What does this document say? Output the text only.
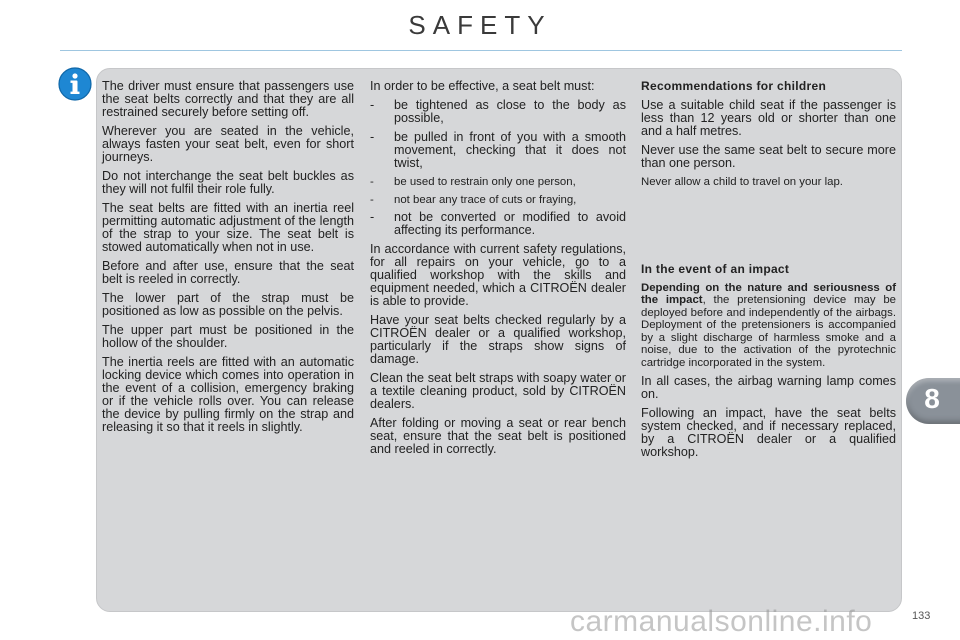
SAFETY

The driver must ensure that passengers use the seat belts correctly and that they are all restrained securely before setting off.

Wherever you are seated in the vehicle, always fasten your seat belt, even for short journeys.

Do not interchange the seat belt buckles as they will not fulfil their role fully.

The seat belts are fitted with an inertia reel permitting automatic adjustment of the length of the strap to your size. The seat belt is stowed automatically when not in use.

Before and after use, ensure that the seat belt is reeled in correctly.

The lower part of the strap must be positioned as low as possible on the pelvis.

The upper part must be positioned in the hollow of the shoulder.

The inertia reels are fitted with an automatic locking device which comes into operation in the event of a collision, emergency braking or if the vehicle rolls over. You can release the device by pulling firmly on the strap and releasing it so that it reels in slightly.

In order to be effective, a seat belt must:

-	be tightened as close to the body as possible,
-	be pulled in front of you with a smooth movement, checking that it does not twist,
-	be used to restrain only one person,
-	not bear any trace of cuts or fraying,
-	not be converted or modified to avoid affecting its performance.

In accordance with current safety regulations, for all repairs on your vehicle, go to a qualified workshop with the skills and equipment needed, which a CITROËN dealer is able to provide.

Have your seat belts checked regularly by a CITROËN dealer or a qualified workshop, particularly if the straps show signs of damage.

Clean the seat belt straps with soapy water or a textile cleaning product, sold by CITROËN dealers.

After folding or moving a seat or rear bench seat, ensure that the seat belt is positioned and reeled in correctly.

Recommendations for children

Use a suitable child seat if the passenger is less than 12 years old or shorter than one and a half metres.

Never use the same seat belt to secure more than one person.

Never allow a child to travel on your lap.

In the event of an impact

Depending on the nature and seriousness of the impact, the pretensioning device may be deployed before and independently of the airbags. Deployment of the pretensioners is accompanied by a slight discharge of harmless smoke and a noise, due to the activation of the pyrotechnic cartridge incorporated in the system.

In all cases, the airbag warning lamp comes on.

Following an impact, have the seat belts system checked, and if necessary replaced, by a CITROËN dealer or a qualified workshop.

8
carmanualsonline.info	133
